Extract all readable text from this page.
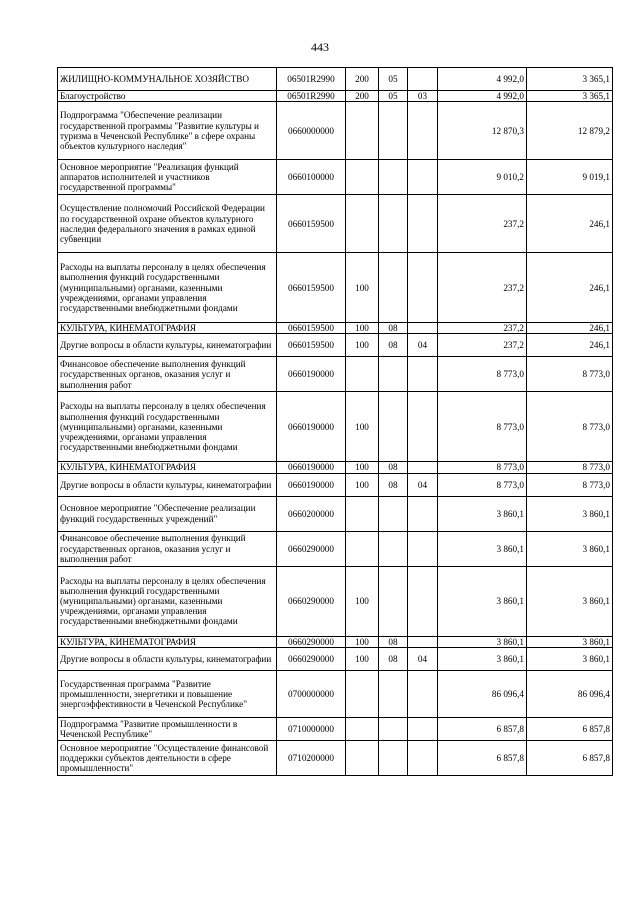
443
ЖИЛИЩНО-КОММУНАЛЬНОЕ ХОЗЯЙСТВО	06501R2990	200	05		4 992,0	3 365,1
Благоустройство	06501R2990	200	05	03	4 992,0	3 365,1
Подпрограмма "Обеспечение реализации государственной программы "Развитие культуры и туризма в Чеченской Республике" в сфере охраны объектов культурного наследия"	0660000000				12 870,3	12 879,2
Основное мероприятие "Реализация функций аппаратов исполнителей и участников государственной программы"	0660100000				9 010,2	9 019,1
Осуществление полномочий Российской Федерации по государственной охране объектов культурного наследия федерального значения в рамках единой субвенции	0660159500				237,2	246,1
Расходы на выплаты персоналу в целях обеспечения выполнения функций государственными (муниципальными) органами, казенными учреждениями, органами управления государственными внебюджетными фондами	0660159500	100			237,2	246,1
КУЛЬТУРА, КИНЕМАТОГРАФИЯ	0660159500	100	08		237,2	246,1
Другие вопросы в области культуры, кинематографии	0660159500	100	08	04	237,2	246,1
Финансовое обеспечение выполнения функций государственных органов, оказания услуг и выполнения работ	0660190000				8 773,0	8 773,0
Расходы на выплаты персоналу в целях обеспечения выполнения функций государственными (муниципальными) органами, казенными учреждениями, органами управления государственными внебюджетными фондами	0660190000	100			8 773,0	8 773,0
КУЛЬТУРА, КИНЕМАТОГРАФИЯ	0660190000	100	08		8 773,0	8 773,0
Другие вопросы в области культуры, кинематографии	0660190000	100	08	04	8 773,0	8 773,0
Основное мероприятие "Обеспечение реализации функций государственных учреждений"	0660200000				3 860,1	3 860,1
Финансовое обеспечение выполнения функций государственных органов, оказания услуг и выполнения работ	0660290000				3 860,1	3 860,1
Расходы на выплаты персоналу в целях обеспечения выполнения функций государственными (муниципальными) органами, казенными учреждениями, органами управления государственными внебюджетными фондами	0660290000	100			3 860,1	3 860,1
КУЛЬТУРА, КИНЕМАТОГРАФИЯ	0660290000	100	08		3 860,1	3 860,1
Другие вопросы в области культуры, кинематографии	0660290000	100	08	04	3 860,1	3 860,1
Государственная программа "Развитие промышленности, энергетики и повышение энергоэффективности в Чеченской Республике"	0700000000				86 096,4	86 096,4
Подпрограмма "Развитие промышленности в Чеченской Республике"	0710000000				6 857,8	6 857,8
Основное мероприятие "Осуществление финансовой поддержки субъектов деятельности в сфере промышленности"	0710200000				6 857,8	6 857,8
